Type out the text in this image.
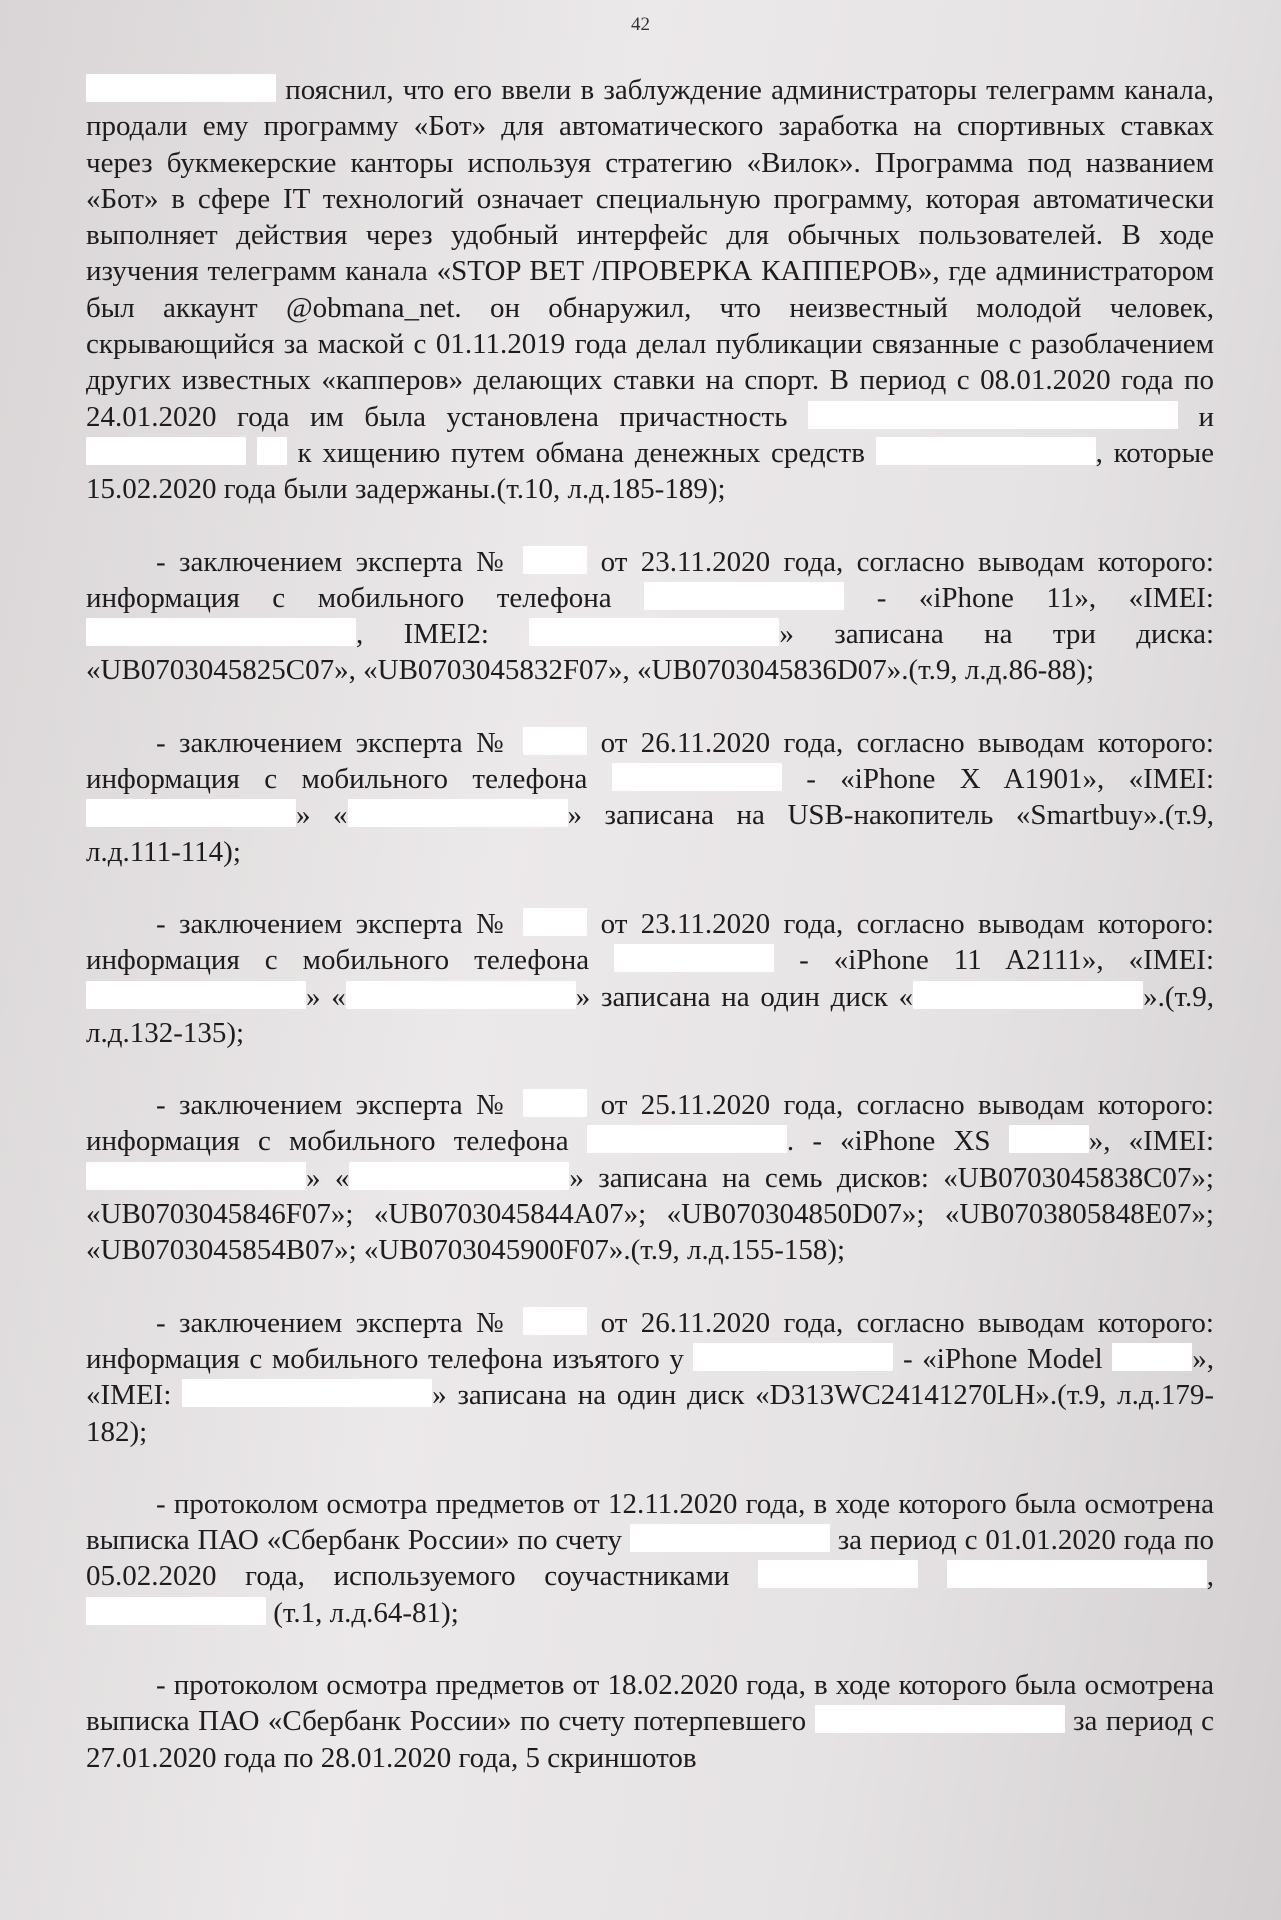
42

пояснил, что его ввели в заблуждение администраторы телеграмм канала, продали ему программу «Бот» для автоматического заработка на спортивных ставках через букмекерские канторы используя стратегию «Вилок». Программа под названием «Бот» в сфере IT технологий означает специальную программу, которая автоматически выполняет действия через удобный интерфейс для обычных пользователей. В ходе изучения телеграмм канала «STOP BET /ПРОВЕРКА КАППЕРОВ», где администратором был аккаунт @obmana_net. он обнаружил, что неизвестный молодой человек, скрывающийся за маской с 01.11.2019 года делал публикации связанные с разоблачением других известных «капперов» делающих ставки на спорт. В период с 08.01.2020 года по 24.01.2020 года им была установлена причастность	и   к хищению путем обмана денежных средств	, которые 15.02.2020 года были задержаны.(т.10, л.д.185-189);

- заключением эксперта №	от 23.11.2020 года, согласно выводам которого: информация с мобильного телефона	- «iPhone 11», «IMEI: , IMEI2:	» записана на три диска: «UB0703045825C07», «UB0703045832F07», «UB0703045836D07».(т.9, л.д.86-88);

- заключением эксперта №	от 26.11.2020 года, согласно выводам которого: информация с мобильного телефона	- «iPhone X A1901», «IMEI: » «	» записана на USB-накопитель «Smartbuy».(т.9, л.д.111-114);

- заключением эксперта №	от 23.11.2020 года, согласно выводам которого: информация с мобильного телефона	- «iPhone 11 A2111», «IMEI: » «	» записана на один диск «	».(т.9, л.д.132-135);

- заключением эксперта №	от 25.11.2020 года, согласно выводам которого: информация с мобильного телефона	. - «iPhone XS	», «IMEI: » «	» записана на семь дисков: «UB0703045838C07»; «UB0703045846F07»; «UB0703045844A07»; «UB070304850D07»; «UB0703805848E07»; «UB0703045854B07»; «UB0703045900F07».(т.9, л.д.155-158);

- заключением эксперта №	от 26.11.2020 года, согласно выводам которого: информация с мобильного телефона изъятого у	- «iPhone Model	», «IMEI:	» записана на один диск «D313WC24141270LH».(т.9, л.д.179-182);

- протоколом осмотра предметов от 12.11.2020 года, в ходе которого была осмотрена выписка ПАО «Сбербанк России» по счету	за период с 01.01.2020 года по 05.02.2020 года, используемого соучастниками	,  (т.1, л.д.64-81);

- протоколом осмотра предметов от 18.02.2020 года, в ходе которого была осмотрена выписка ПАО «Сбербанк России» по счету потерпевшего	за период с 27.01.2020 года по 28.01.2020 года, 5 скриншотов
